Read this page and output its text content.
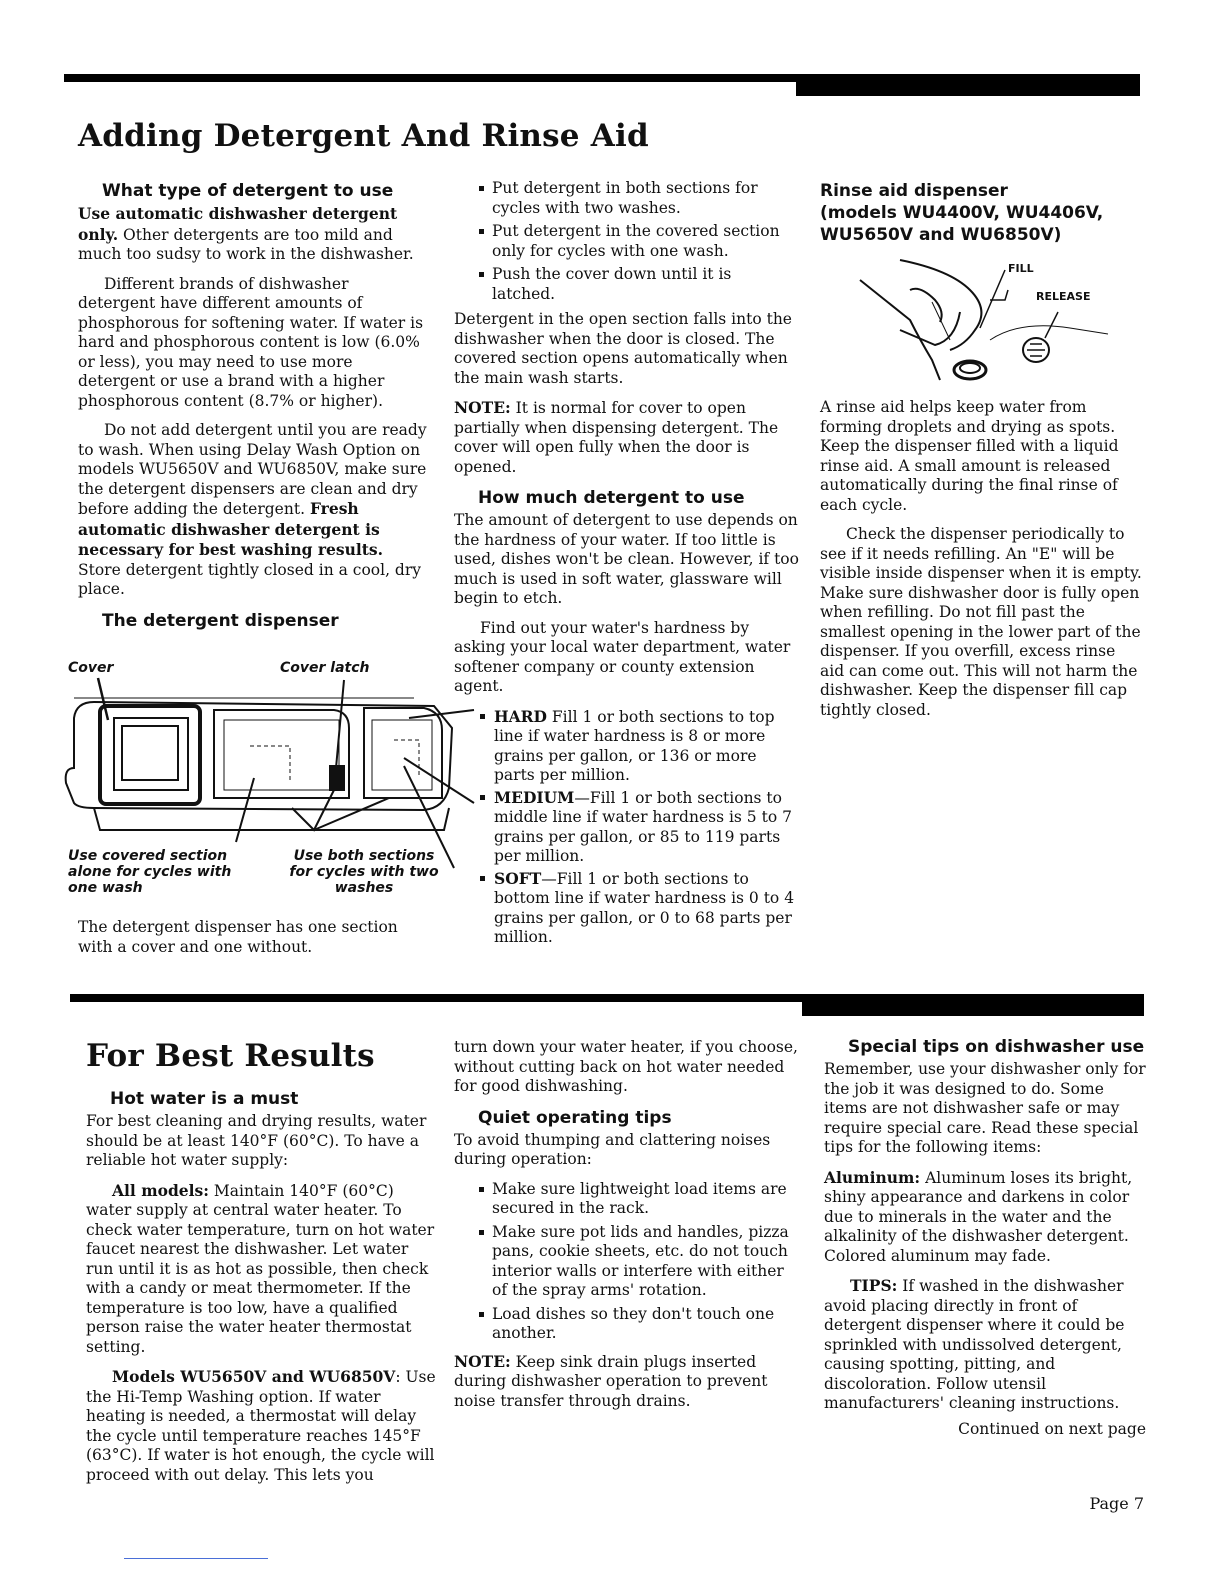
Adding Detergent And Rinse Aid
What type of detergent to use

Use automatic dishwasher detergent only. Other detergents are too mild and much too sudsy to work in the dishwasher.

Different brands of dishwasher detergent have different amounts of phosphorous for softening water. If water is hard and phosphorous content is low (6.0% or less), you may need to use more detergent or use a brand with a higher phosphorous content (8.7% or higher).

Do not add detergent until you are ready to wash. When using Delay Wash Option on models WU5650V and WU6850V, make sure the detergent dispensers are clean and dry before adding the detergent. Fresh automatic dishwasher detergent is necessary for best washing results. Store detergent tightly closed in a cool, dry place.

The detergent dispenser
Cover	Cover latch
Use covered section alone for cycles with one wash
Use both sections for cycles with two washes

The detergent dispenser has one section with a cover and one without.

Put detergent in both sections for cycles with two washes.
Put detergent in the covered section only for cycles with one wash.
Push the cover down until it is latched.

Detergent in the open section falls into the dishwasher when the door is closed. The covered section opens automatically when the main wash starts.

NOTE: It is normal for cover to open partially when dispensing detergent. The cover will open fully when the door is opened.

How much detergent to use

The amount of detergent to use depends on the hardness of your water. If too little is used, dishes won't be clean. However, if too much is used in soft water, glassware will begin to etch.

Find out your water's hardness by asking your local water department, water softener company or county extension agent.

HARD Fill 1 or both sections to top line if water hardness is 8 or more grains per gallon, or 136 or more parts per million.
MEDIUM—Fill 1 or both sections to middle line if water hardness is 5 to 7 grains per gallon, or 85 to 119 parts per million.
SOFT—Fill 1 or both sections to bottom line if water hardness is 0 to 4 grains per gallon, or 0 to 68 parts per million.
Rinse aid dispenser
(models WU4400V, WU4406V, WU5650V and WU6850V)
FILL
RELEASE

A rinse aid helps keep water from forming droplets and drying as spots. Keep the dispenser filled with a liquid rinse aid. A small amount is released automatically during the final rinse of each cycle.

Check the dispenser periodically to see if it needs refilling. An "E" will be visible inside dispenser when it is empty. Make sure dishwasher door is fully open when refilling. Do not fill past the smallest opening in the lower part of the dispenser. If you overfill, excess rinse aid can come out. This will not harm the dishwasher. Keep the dispenser fill cap tightly closed.

For Best Results
Hot water is a must

For best cleaning and drying results, water should be at least 140°F (60°C). To have a reliable hot water supply:

All models: Maintain 140°F (60°C) water supply at central water heater. To check water temperature, turn on hot water faucet nearest the dishwasher. Let water run until it is as hot as possible, then check with a candy or meat thermometer. If the temperature is too low, have a qualified person raise the water heater thermostat setting.

Models WU5650V and WU6850V: Use the Hi-Temp Washing option. If water heating is needed, a thermostat will delay the cycle until temperature reaches 145°F (63°C). If water is hot enough, the cycle will proceed with out delay. This lets you

turn down your water heater, if you choose, without cutting back on hot water needed for good dishwashing.

Quiet operating tips

To avoid thumping and clattering noises during operation:

Make sure lightweight load items are secured in the rack.
Make sure pot lids and handles, pizza pans, cookie sheets, etc. do not touch interior walls or interfere with either of the spray arms' rotation.
Load dishes so they don't touch one another.

NOTE: Keep sink drain plugs inserted during dishwasher operation to prevent noise transfer through drains.

Special tips on dishwasher use

Remember, use your dishwasher only for the job it was designed to do. Some items are not dishwasher safe or may require special care. Read these special tips for the following items:

Aluminum: Aluminum loses its bright, shiny appearance and darkens in color due to minerals in the water and the alkalinity of the dishwasher detergent. Colored aluminum may fade.

TIPS: If washed in the dishwasher avoid placing directly in front of detergent dispenser where it could be sprinkled with undissolved detergent, causing spotting, pitting, and discoloration. Follow utensil manufacturers' cleaning instructions.

Continued on next page
Page 7
